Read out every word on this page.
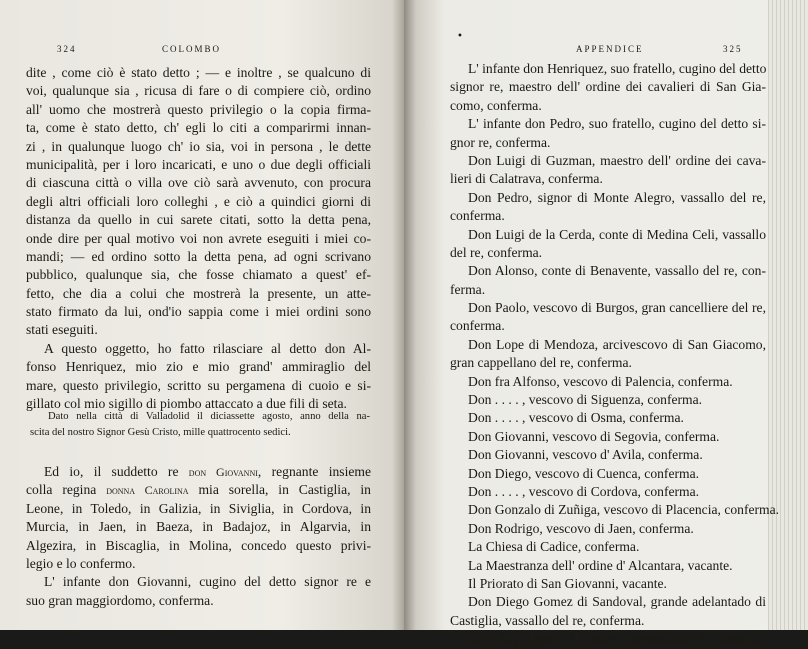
324	COLOMBO
dite , come ciò è stato detto ; — e inoltre , se qualcuno di
voi, qualunque sia , ricusa di fare o di compiere ciò, ordino
all' uomo che mostrerà questo privilegio o la copia firma-
ta, come è stato detto, ch' egli lo citi a comparirmi innan-
zi , in qualunque luogo ch' io sia, voi in persona , le dette
municipalità, per i loro incaricati, e uno o due degli officiali
di ciascuna città o villa ove ciò sarà avvenuto, con procura
degli altri officiali loro colleghi , e ciò a quindici giorni di
distanza da quello in cui sarete citati, sotto la detta pena,
onde dire per qual motivo voi non avrete eseguiti i miei co-
mandi; — ed ordino sotto la detta pena, ad ogni scrivano
pubblico, qualunque sia, che fosse chiamato a quest' ef-
fetto, che dia a colui che mostrerà la presente, un atte-
stato firmato da lui, ond'io sappia come i miei ordini sono
stati eseguiti.
A questo oggetto, ho fatto rilasciare al detto don Al-
fonso Henriquez, mio zio e mio grand' ammiraglio del
mare, questo privilegio, scritto su pergamena di cuoio e si-
gillato col mio sigillo di piombo attaccato a due fili di seta.
Dato nella città di Valladolid il diciassette agosto, anno della na-
scita del nostro Signor Gesù Cristo, mille quattrocento sedici.
Ed io, il suddetto re don Giovanni, regnante insieme
colla regina donna Carolina mia sorella, in Castiglia, in
Leone, in Toledo, in Galizia, in Siviglia, in Cordova, in
Murcia, in Jaen, in Baeza, in Badajoz, in Algarvia, in
Algezira, in Biscaglia, in Molina, concedo questo privi-
legio e lo confermo.
L' infante don Giovanni, cugino del detto signor re e
suo gran maggiordomo, conferma.
•
APPENDICE	325
L' infante don Henriquez, suo fratello, cugino del detto
signor re, maestro dell' ordine dei cavalieri di San Gia-
como, conferma.
L' infante don Pedro, suo fratello, cugino del detto si-
gnor re, conferma.
Don Luigi di Guzman, maestro dell' ordine dei cava-
lieri di Calatrava, conferma.
Don Pedro, signor di Monte Alegro, vassallo del re,
conferma.
Don Luigi de la Cerda, conte di Medina Celi, vassallo
del re, conferma.
Don Alonso, conte di Benavente, vassallo del re, con-
ferma.
Don Paolo, vescovo di Burgos, gran cancelliere del re,
conferma.
Don Lope di Mendoza, arcivescovo di San Giacomo,
gran cappellano del re, conferma.
Don fra Alfonso, vescovo di Palencia, conferma.
Don . . . . , vescovo di Siguenza, conferma.
Don . . . . , vescovo di Osma, conferma.
Don Giovanni, vescovo di Segovia, conferma.
Don Giovanni, vescovo d' Avila, conferma.
Don Diego, vescovo di Cuenca, conferma.
Don . . . . , vescovo di Cordova, conferma.
Don Gonzalo di Zuñiga, vescovo di Placencia, conferma.
Don Rodrigo, vescovo di Jaen, conferma.
La Chiesa di Cadice, conferma.
La Maestranza dell' ordine d' Alcantara, vacante.
Il Priorato di San Giovanni, vacante.
Don Diego Gomez di Sandoval, grande adelantado di
Castiglia, vassallo del re, conferma.
Don Ruy Lopez d' Avalos, contestabile di Castiglia,
